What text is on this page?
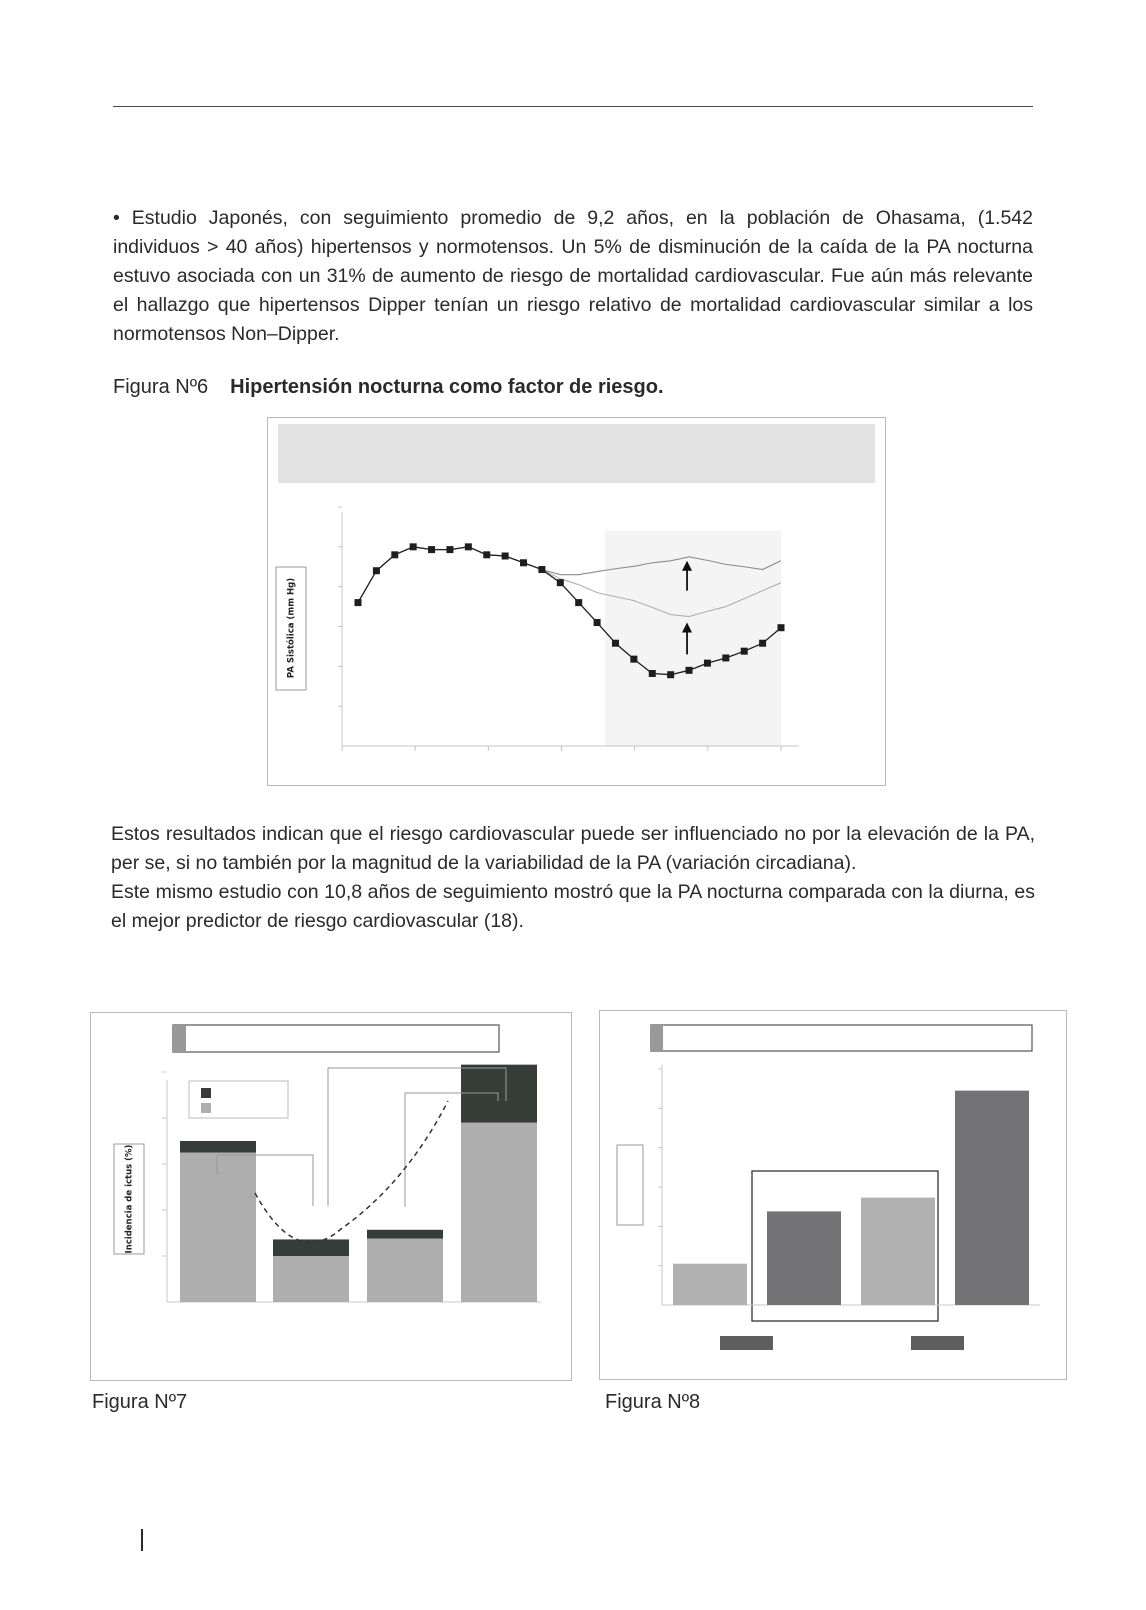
• Estudio Japonés, con seguimiento promedio de 9,2 años, en la población de Ohasama, (1.542 individuos > 40 años) hipertensos y normotensos. Un 5% de disminución de la caída de la PA nocturna estuvo asociada con un 31% de aumento de riesgo de mortalidad cardiovascular. Fue aún más relevante el hallazgo que hipertensos Dipper tenían un riesgo relativo de mortalidad cardiovascular similar a los normotensos Non–Dipper.

Figura Nº6 Hipertensión nocturna como factor de riesgo.
PA Sistólica (mm Hg)
Estos resultados indican que el riesgo cardiovascular puede ser influenciado no por la elevación de la PA, per se, si no también por la magnitud de la variabilidad de la PA (variación circadiana).
Este mismo estudio con 10,8 años de seguimiento mostró que la PA nocturna comparada con la diurna, es el mejor predictor de riesgo cardiovascular (18).
Incidencia de ictus (%)
Figura Nº7	Figura Nº8
